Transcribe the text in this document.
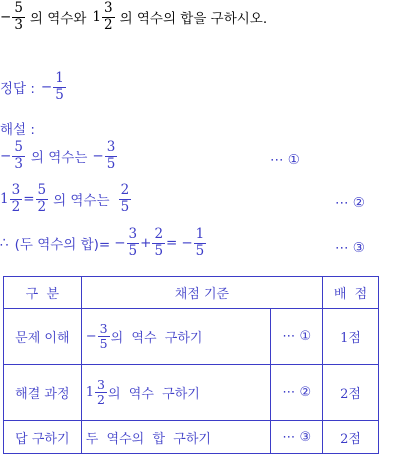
− $\frac{5}{3}$ 의 역수와 $1 \frac{3}{2}$ 의 역수의 합을 구하시오.
정답 : − $\frac{1}{5}$
해설 :
− $\frac{5}{3}$ 의 역수는 − $\frac{3}{5}$	⋯ ①
$1 \frac{3}{2} = \frac{5}{2}$ 의 역수는 $\frac{2}{5}$	⋯ ②
∴ (두 역수의 합)= − $\frac{3}{5} + \frac{2}{5}$ = − $\frac{1}{5}$	⋯ ③
구  분	채점 기준		배  점
문제 이해	− $\frac{3}{5}$ 의  역수  구하기	⋯ ①	1점
해결 과정	$1 \frac{3}{2}$ 의  역수  구하기	⋯ ②	2점
답 구하기	두  역수의  합  구하기	⋯ ③	2점
